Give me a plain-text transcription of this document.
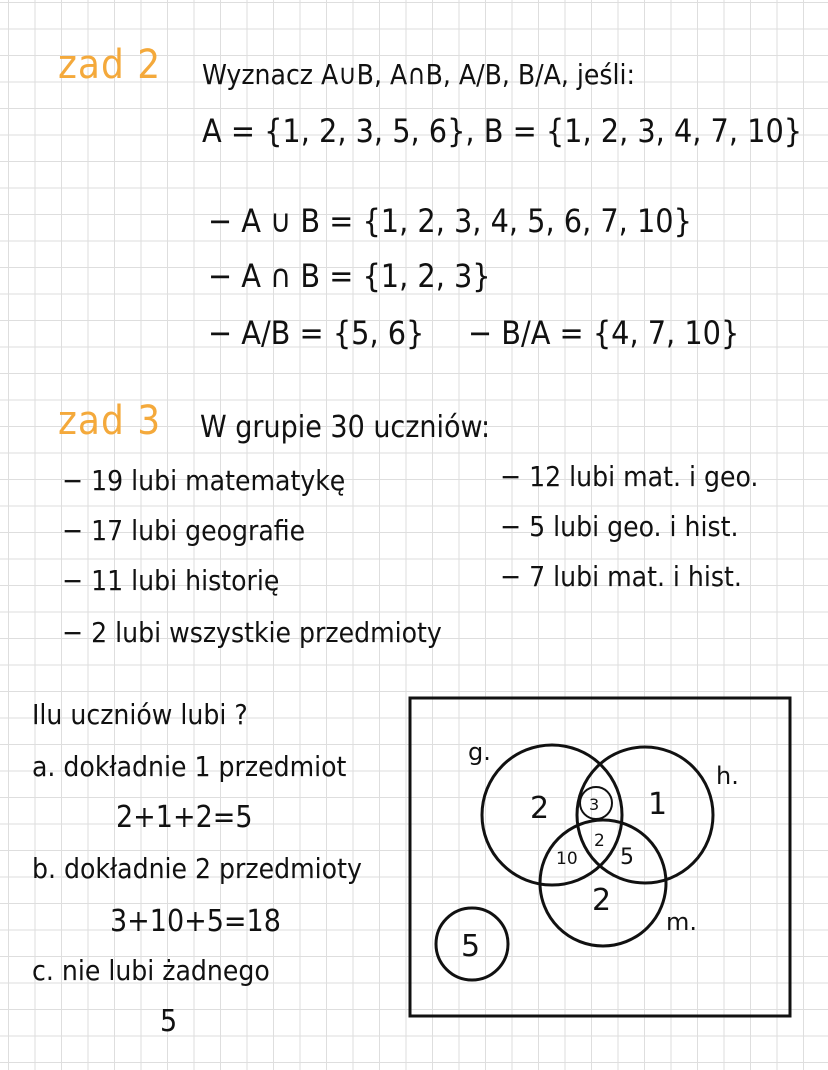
zad 2 Wyznacz A∪B, A∩B, A/B, B/A, jeśli:
A = {1, 2, 3, 5, 6}, B = {1, 2, 3, 4, 7, 10}
− A ∪ B = {1, 2, 3, 4, 5, 6, 7, 10}
− A ∩ B = {1, 2, 3}
− A/B = {5, 6} − B/A = {4, 7, 10}
zad 3 W grupie 30 uczniów:
− 19 lubi matematykę
− 17 lubi geografie
− 11 lubi historię
− 2 lubi wszystkie przedmioty
− 12 lubi mat. i geo.
− 5 lubi geo. i hist.
− 7 lubi mat. i hist.
Ilu uczniów lubi ?
a. dokładnie 1 przedmiot
2+1+2=5
b. dokładnie 2 przedmioty
3+10+5=18
c. nie lubi żadnego
5
g.
h.
m.
2 3 1
2
10 5
2
5
